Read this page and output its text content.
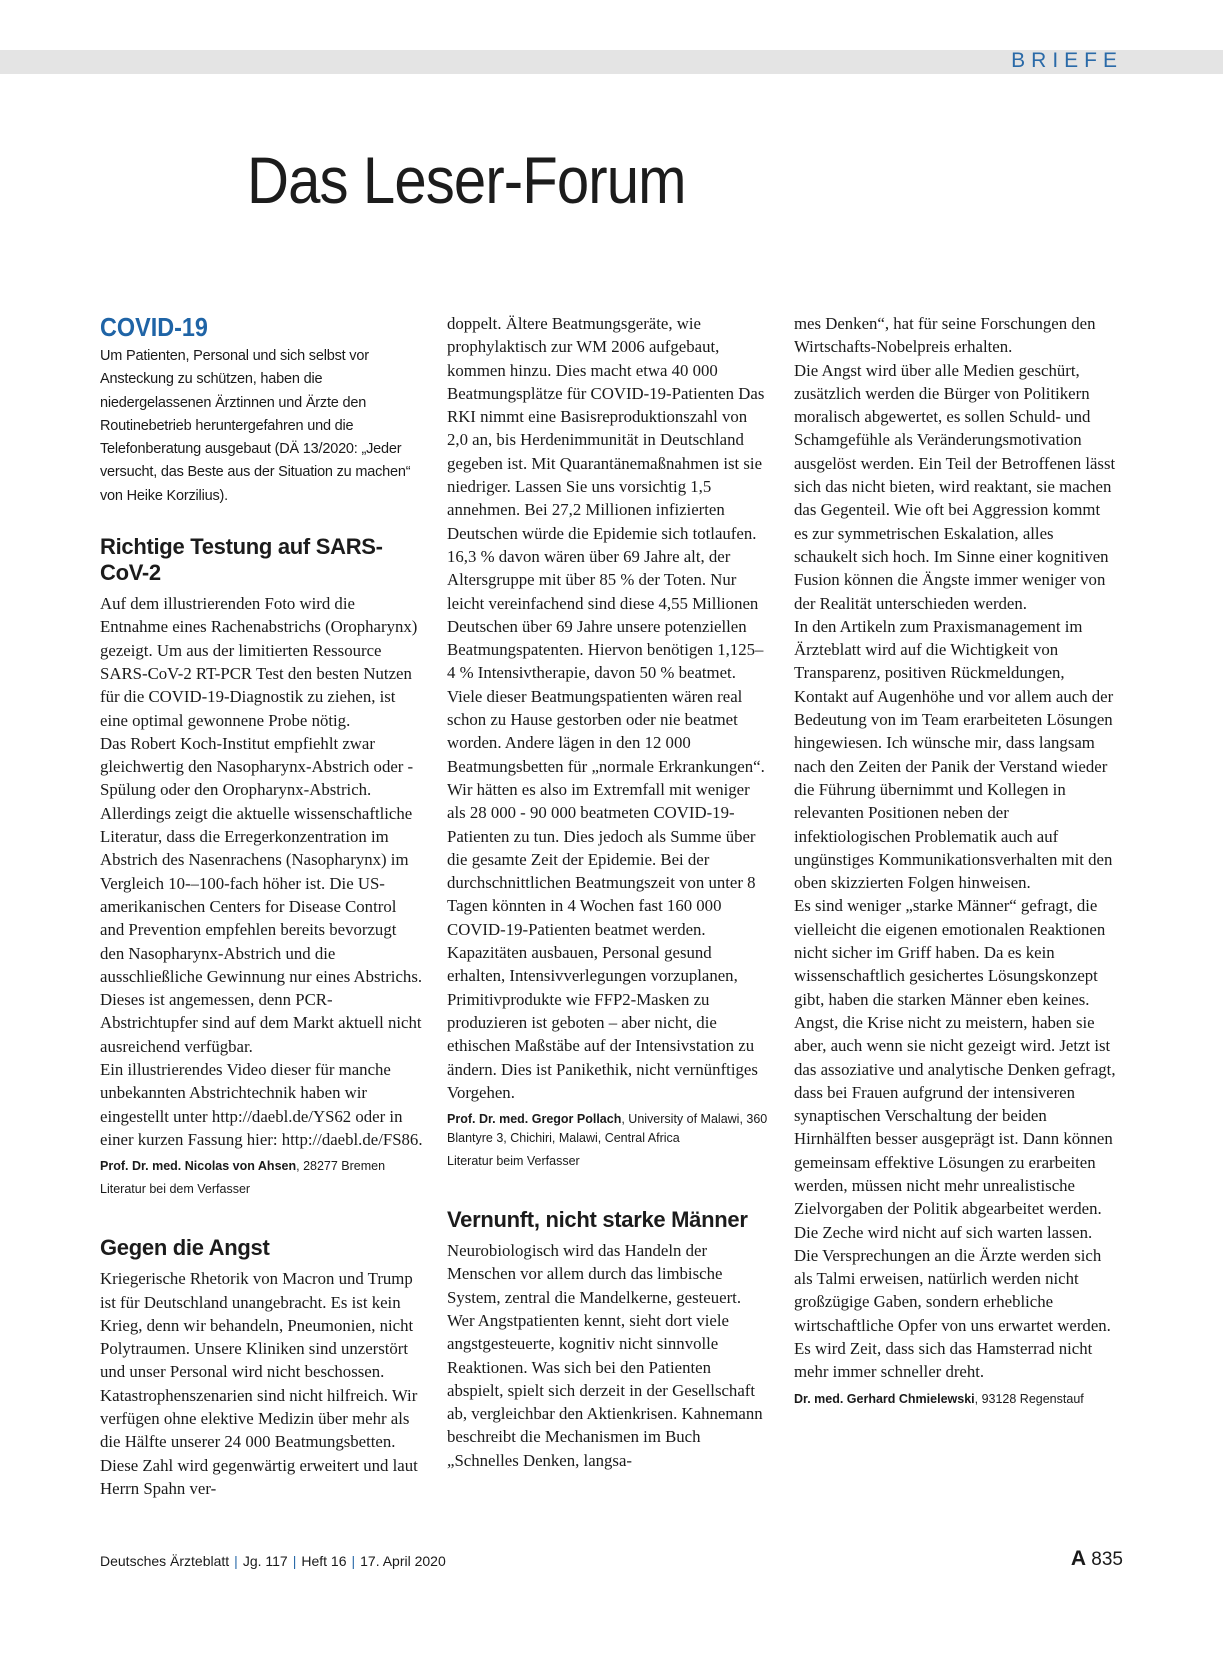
BRIEFE
Das Leser-Forum
COVID-19

Um Patienten, Personal und sich selbst vor Ansteckung zu schützen, haben die niedergelassenen Ärztinnen und Ärzte den Routinebetrieb heruntergefahren und die Telefonberatung ausgebaut (DÄ 13/2020: „Jeder versucht, das Beste aus der Situation zu machen“ von Heike Korzilius).

Richtige Testung auf SARS-CoV-2

Auf dem illustrierenden Foto wird die Entnahme eines Rachenabstrichs (Oropharynx) gezeigt. Um aus der limitierten Ressource SARS-CoV-2 RT-PCR Test den besten Nutzen für die COVID-19-Diagnostik zu ziehen, ist eine optimal gewonnene Probe nötig.

Das Robert Koch-Institut empfiehlt zwar gleichwertig den Nasopharynx-Abstrich oder -Spülung oder den Oropharynx-Abstrich. Allerdings zeigt die aktuelle wissenschaftliche Literatur, dass die Erregerkonzentration im Abstrich des Nasenrachens (Nasopharynx) im Vergleich 10-–100-fach höher ist. Die US-amerikanischen Centers for Disease Control and Prevention empfehlen bereits bevorzugt den Nasopharynx-Abstrich und die ausschließliche Gewinnung nur eines Abstrichs. Dieses ist angemessen, denn PCR-Abstrichtupfer sind auf dem Markt aktuell nicht ausreichend verfügbar.

Ein illustrierendes Video dieser für manche unbekannten Abstrichtechnik haben wir eingestellt unter http://daebl.de/YS62 oder in einer kurzen Fassung hier: http://daebl.de/FS86.

Prof. Dr. med. Nicolas von Ahsen, 28277 Bremen

Literatur bei dem Verfasser

Gegen die Angst

Kriegerische Rhetorik von Macron und Trump ist für Deutschland unangebracht. Es ist kein Krieg, denn wir behandeln, Pneumonien, nicht Polytraumen. Unsere Kliniken sind unzerstört und unser Personal wird nicht beschossen.

Katastrophenszenarien sind nicht hilfreich. Wir verfügen ohne elektive Medizin über mehr als die Hälfte unserer 24 000 Beatmungsbetten. Diese Zahl wird gegenwärtig erweitert und laut Herrn Spahn ver-

doppelt. Ältere Beatmungsgeräte, wie prophylaktisch zur WM 2006 aufgebaut, kommen hinzu. Dies macht etwa 40 000 Beatmungsplätze für COVID-19-Patienten Das RKI nimmt eine Basisreproduktionszahl von 2,0 an, bis Herdenimmunität in Deutschland gegeben ist. Mit Quarantänemaßnahmen ist sie niedriger. Lassen Sie uns vorsichtig 1,5 annehmen. Bei 27,2 Millionen infizierten Deutschen würde die Epidemie sich totlaufen.

16,3 % davon wären über 69 Jahre alt, der Altersgruppe mit über 85 % der Toten. Nur leicht vereinfachend sind diese 4,55 Millionen Deutschen über 69 Jahre unsere potenziellen Beatmungspatenten. Hiervon benötigen 1,125–4 % Intensivtherapie, davon 50 % beatmet. Viele dieser Beatmungspatienten wären real schon zu Hause gestorben oder nie beatmet worden. Andere lägen in den 12 000 Beatmungsbetten für „normale Erkrankungen“. Wir hätten es also im Extremfall mit weniger als 28 000 - 90 000 beatmeten COVID-19-Patienten zu tun. Dies jedoch als Summe über die gesamte Zeit der Epidemie. Bei der durchschnittlichen Beatmungszeit von unter 8 Tagen könnten in 4 Wochen fast 160 000 COVID-19-Patienten beatmet werden.

Kapazitäten ausbauen, Personal gesund erhalten, Intensivverlegungen vorzuplanen, Primitivprodukte wie FFP2-Masken zu produzieren ist geboten – aber nicht, die ethischen Maßstäbe auf der Intensivstation zu ändern. Dies ist Panikethik, nicht vernünftiges Vorgehen.

Prof. Dr. med. Gregor Pollach, University of Malawi, 360 Blantyre 3, Chichiri, Malawi, Central Africa

Literatur beim Verfasser

Vernunft, nicht starke Männer

Neurobiologisch wird das Handeln der Menschen vor allem durch das limbische System, zentral die Mandelkerne, gesteuert. Wer Angstpatienten kennt, sieht dort viele angstgesteuerte, kognitiv nicht sinnvolle Reaktionen. Was sich bei den Patienten abspielt, spielt sich derzeit in der Gesellschaft ab, vergleichbar den Aktienkrisen. Kahnemann beschreibt die Mechanismen im Buch „Schnelles Denken, langsa-

mes Denken“, hat für seine Forschungen den Wirtschafts-Nobelpreis erhalten.

Die Angst wird über alle Medien geschürt, zusätzlich werden die Bürger von Politikern moralisch abgewertet, es sollen Schuld- und Schamgefühle als Veränderungsmotivation ausgelöst werden. Ein Teil der Betroffenen lässt sich das nicht bieten, wird reaktant, sie machen das Gegenteil. Wie oft bei Aggression kommt es zur symmetrischen Eskalation, alles schaukelt sich hoch. Im Sinne einer kognitiven Fusion können die Ängste immer weniger von der Realität unterschieden werden.

In den Artikeln zum Praxismanagement im Ärzteblatt wird auf die Wichtigkeit von Transparenz, positiven Rückmeldungen, Kontakt auf Augenhöhe und vor allem auch der Bedeutung von im Team erarbeiteten Lösungen hingewiesen. Ich wünsche mir, dass langsam nach den Zeiten der Panik der Verstand wieder die Führung übernimmt und Kollegen in relevanten Positionen neben der infektiologischen Problematik auch auf ungünstiges Kommunikationsverhalten mit den oben skizzierten Folgen hinweisen.

Es sind weniger „starke Männer“ gefragt, die vielleicht die eigenen emotionalen Reaktionen nicht sicher im Griff haben. Da es kein wissenschaftlich gesichertes Lösungskonzept gibt, haben die starken Männer eben keines. Angst, die Krise nicht zu meistern, haben sie aber, auch wenn sie nicht gezeigt wird. Jetzt ist das assoziative und analytische Denken gefragt, dass bei Frauen aufgrund der intensiveren synaptischen Verschaltung der beiden Hirnhälften besser ausgeprägt ist. Dann können gemeinsam effektive Lösungen zu erarbeiten werden, müssen nicht mehr unrealistische Zielvorgaben der Politik abgearbeitet werden.

Die Zeche wird nicht auf sich warten lassen. Die Versprechungen an die Ärzte werden sich als Talmi erweisen, natürlich werden nicht großzügige Gaben, sondern erhebliche wirtschaftliche Opfer von uns erwartet werden. Es wird Zeit, dass sich das Hamsterrad nicht mehr immer schneller dreht.

Dr. med. Gerhard Chmielewski, 93128 Regenstauf

Deutsches Ärzteblatt | Jg. 117 | Heft 16 | 17. April 2020	A 835
